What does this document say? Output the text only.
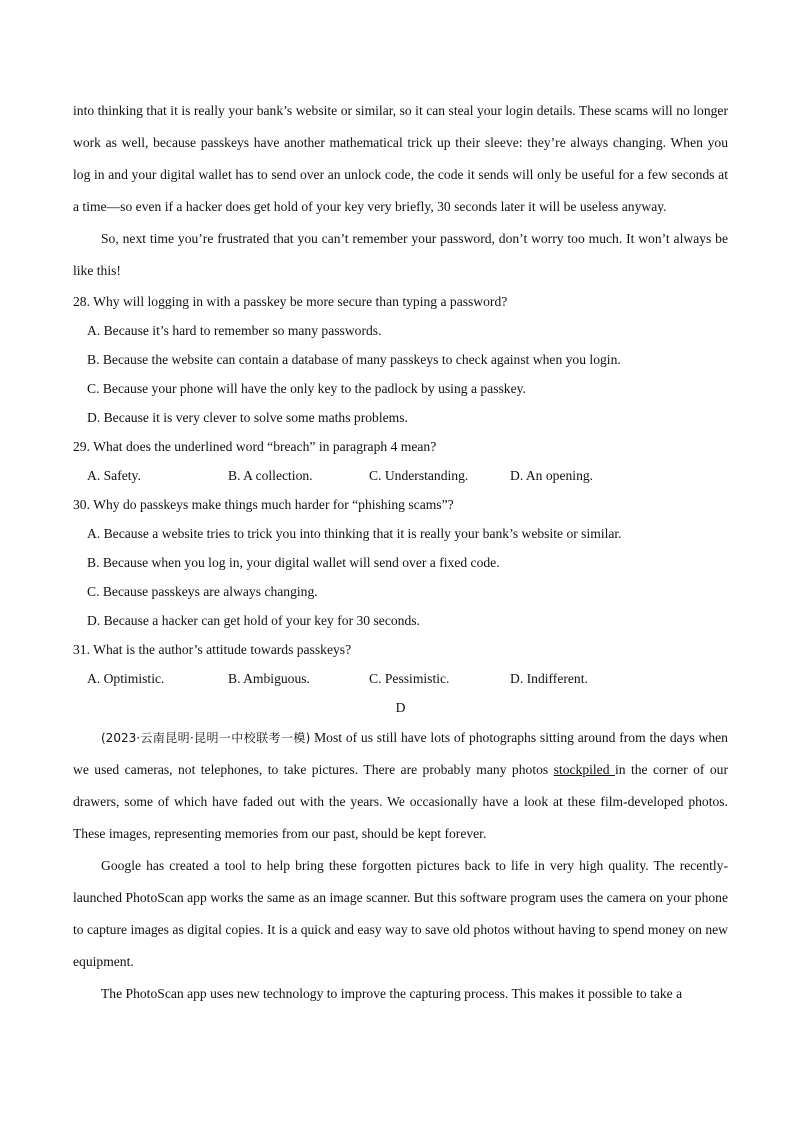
into thinking that it is really your bank’s website or similar, so it can steal your login details. These scams will no longer work as well, because passkeys have another mathematical trick up their sleeve: they’re always changing. When you log in and your digital wallet has to send over an unlock code, the code it sends will only be useful for a few seconds at a time—so even if a hacker does get hold of your key very briefly, 30 seconds later it will be useless anyway.

So, next time you’re frustrated that you can’t remember your password, don’t worry too much. It won’t always be like this!

28. Why will logging in with a passkey be more secure than typing a password?

A. Because it’s hard to remember so many passwords.

B. Because the website can contain a database of many passkeys to check against when you login.

C. Because your phone will have the only key to the padlock by using a passkey.

D. Because it is very clever to solve some maths problems.

29. What does the underlined word “breach” in paragraph 4 mean?

A. Safety.	B. A collection.	C. Understanding.	D. An opening.

30. Why do passkeys make things much harder for “phishing scams”?

A. Because a website tries to trick you into thinking that it is really your bank’s website or similar.

B. Because when you log in, your digital wallet will send over a fixed code.

C. Because passkeys are always changing.

D. Because a hacker can get hold of your key for 30 seconds.

31. What is the author’s attitude towards passkeys?

A. Optimistic.	B. Ambiguous.	C. Pessimistic.	D. Indifferent.

D

(2023·云南昆明·昆明一中校联考一模) Most of us still have lots of photographs sitting around from the days when we used cameras, not telephones, to take pictures. There are probably many photos stockpiled in the corner of our drawers, some of which have faded out with the years. We occasionally have a look at these film-developed photos. These images, representing memories from our past, should be kept forever.

Google has created a tool to help bring these forgotten pictures back to life in very high quality. The recently-launched PhotoScan app works the same as an image scanner. But this software program uses the camera on your phone to capture images as digital copies. It is a quick and easy way to save old photos without having to spend money on new equipment.

The PhotoScan app uses new technology to improve the capturing process. This makes it possible to take a
